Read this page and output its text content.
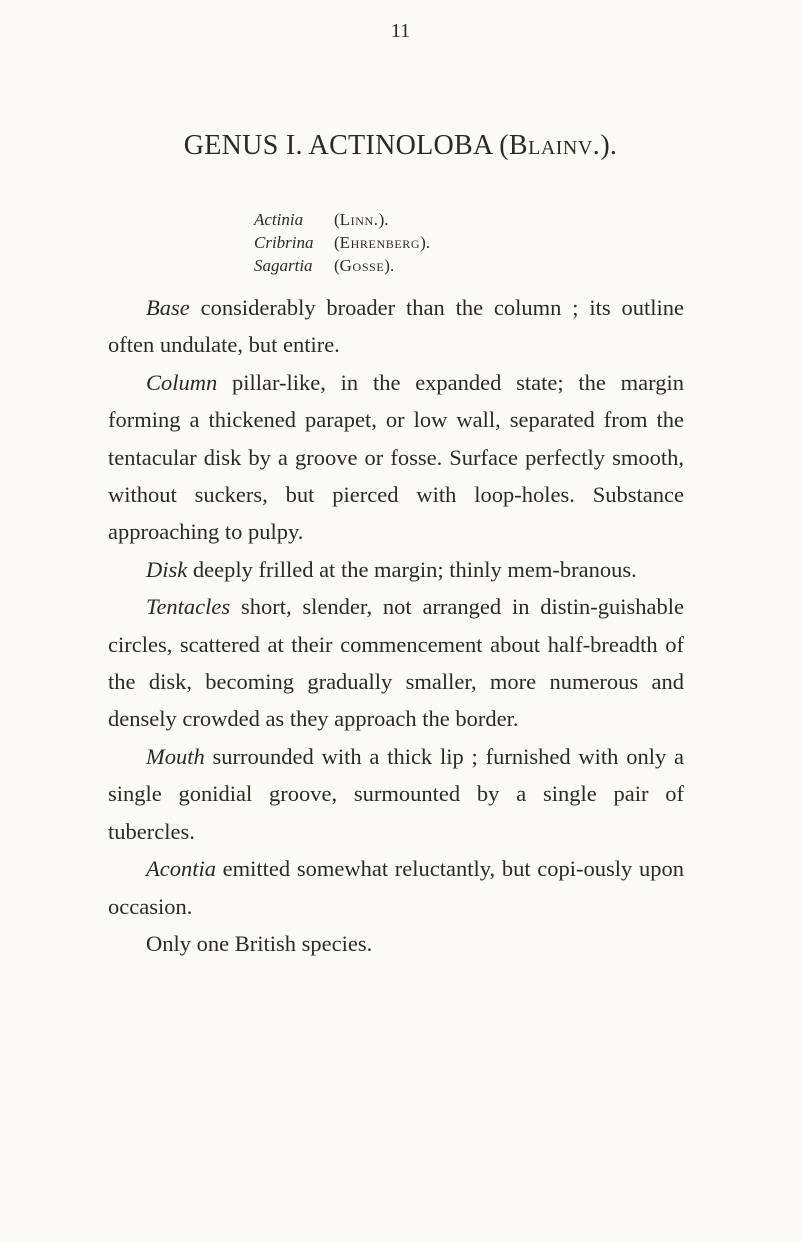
11
GENUS I. ACTINOLOBA (Blainv.).
Actinia	(Linn.).
Cribrina	(Ehrenberg).
Sagartia	(Gosse).

Base considerably broader than the column ; its outline often undulate, but entire.

Column pillar-like, in the expanded state; the margin forming a thickened parapet, or low wall, separated from the tentacular disk by a groove or fosse. Surface perfectly smooth, without suckers, but pierced with loop-holes. Substance approaching to pulpy.

Disk deeply frilled at the margin; thinly mem-branous.

Tentacles short, slender, not arranged in distin-guishable circles, scattered at their commencement about half-breadth of the disk, becoming gradually smaller, more numerous and densely crowded as they approach the border.

Mouth surrounded with a thick lip ; furnished with only a single gonidial groove, surmounted by a single pair of tubercles.

Acontia emitted somewhat reluctantly, but copi-ously upon occasion.

Only one British species.
